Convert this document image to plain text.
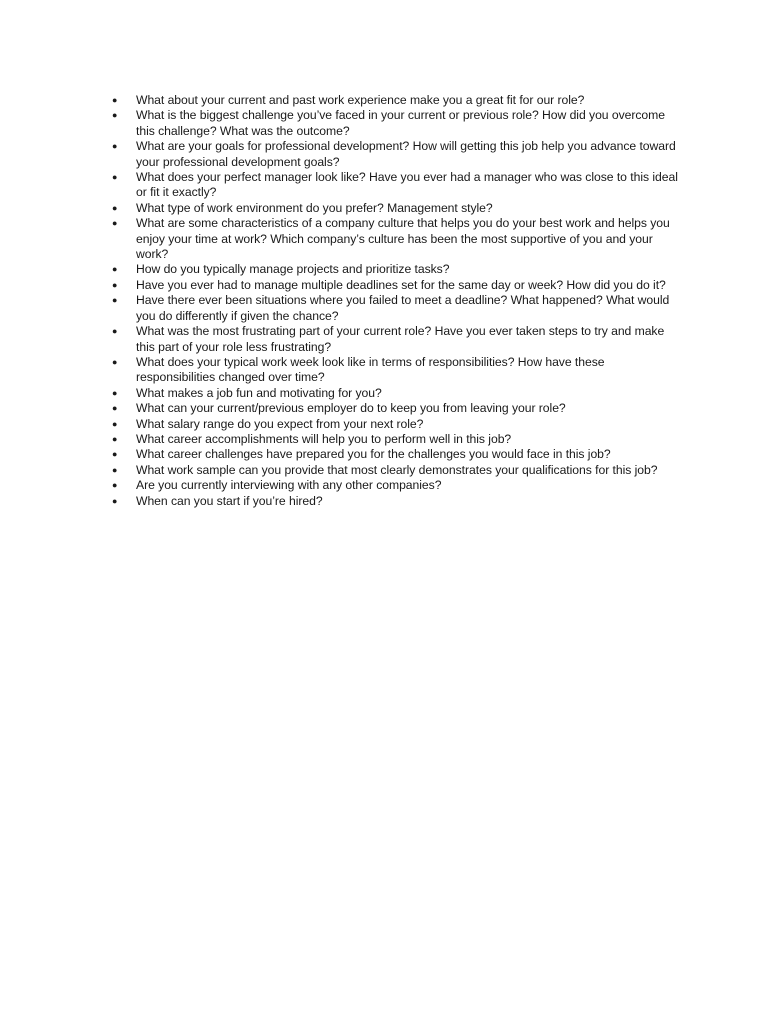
● What about your current and past work experience make you a great fit for our role?
● What is the biggest challenge you’ve faced in your current or previous role? How did you overcome this challenge? What was the outcome?
● What are your goals for professional development? How will getting this job help you advance toward your professional development goals?
● What does your perfect manager look like? Have you ever had a manager who was close to this ideal or fit it exactly?
● What type of work environment do you prefer? Management style?
● What are some characteristics of a company culture that helps you do your best work and helps you enjoy your time at work? Which company’s culture has been the most supportive of you and your work?
● How do you typically manage projects and prioritize tasks?
● Have you ever had to manage multiple deadlines set for the same day or week? How did you do it?
● Have there ever been situations where you failed to meet a deadline? What happened? What would you do differently if given the chance?
● What was the most frustrating part of your current role? Have you ever taken steps to try and make this part of your role less frustrating?
● What does your typical work week look like in terms of responsibilities? How have these responsibilities changed over time?
● What makes a job fun and motivating for you?
● What can your current/previous employer do to keep you from leaving your role?
● What salary range do you expect from your next role?
● What career accomplishments will help you to perform well in this job?
● What career challenges have prepared you for the challenges you would face in this job?
● What work sample can you provide that most clearly demonstrates your qualifications for this job?
● Are you currently interviewing with any other companies?
● When can you start if you’re hired?
